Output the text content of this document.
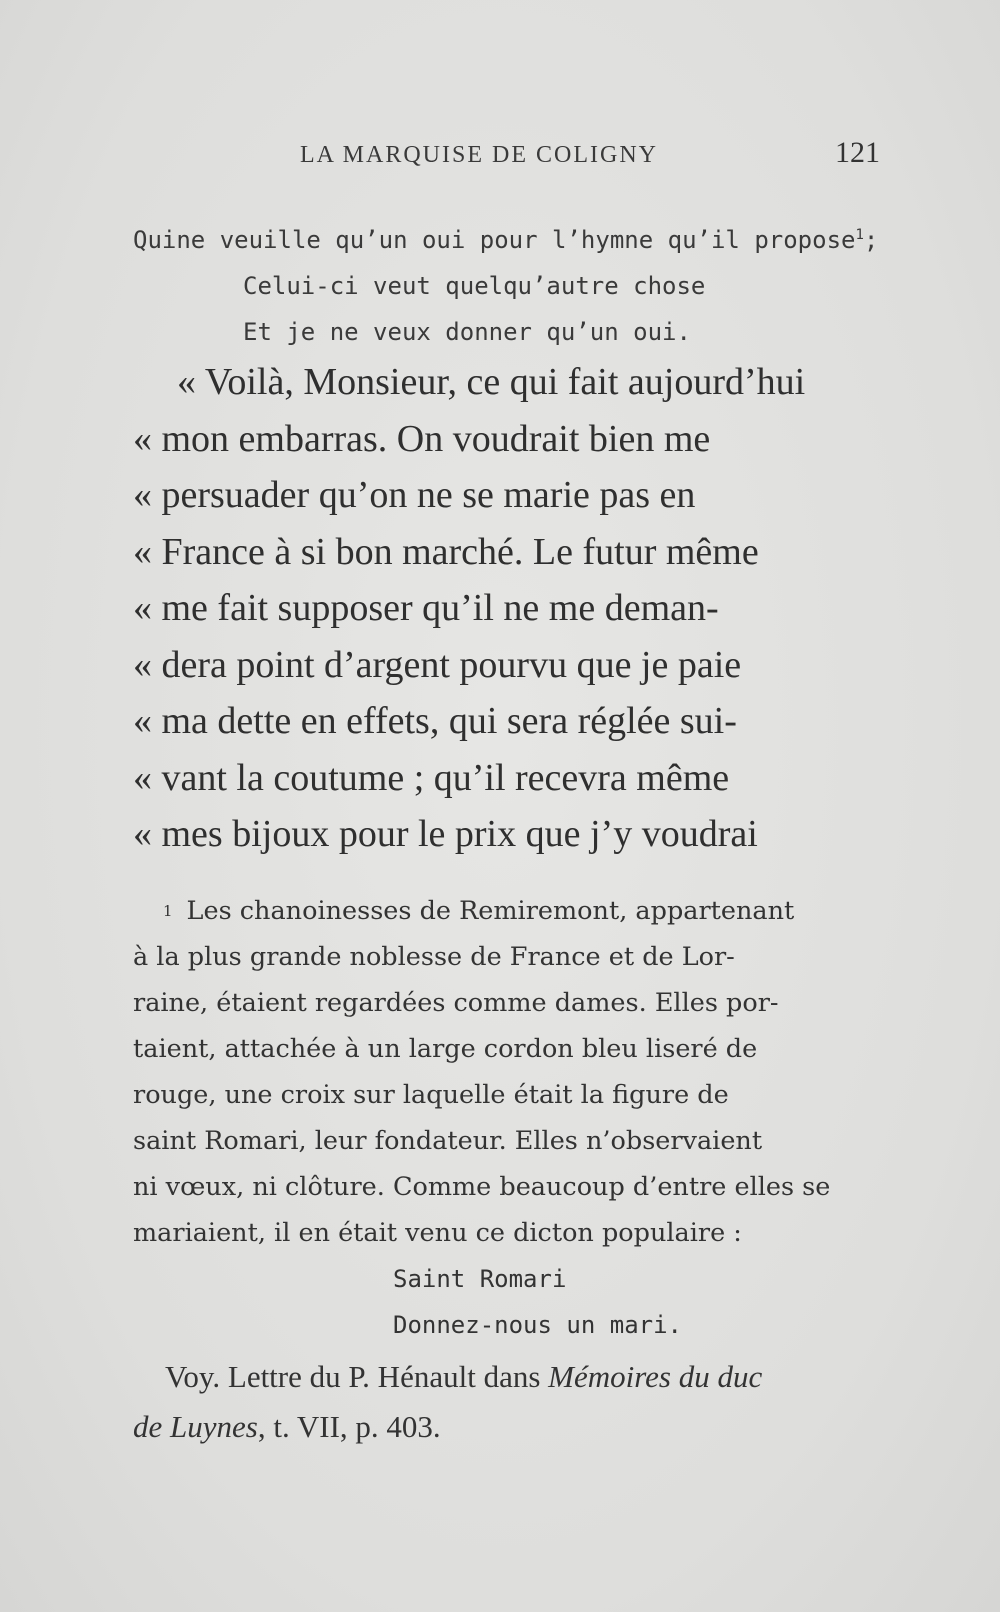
LA MARQUISE DE COLIGNY	121
Quine veuille qu’un oui pour l’hymne qu’il propose$^1$;
Celui-ci veut quelqu’autre chose
Et je ne veux donner qu’un oui.
« Voilà, Monsieur, ce qui fait aujourd’hui
« mon embarras. On voudrait bien me
« persuader qu’on ne se marie pas en
« France à si bon marché. Le futur même
« me fait supposer qu’il ne me deman-
« dera point d’argent pourvu que je paie
« ma dette en effets, qui sera réglée sui-
« vant la coutume ; qu’il recevra même
« mes bijoux pour le prix que j’y voudrai
1 Les chanoinesses de Remiremont, appartenant
à la plus grande noblesse de France et de Lor-
raine, étaient regardées comme dames. Elles por-
taient, attachée à un large cordon bleu liseré de
rouge, une croix sur laquelle était la figure de
saint Romari, leur fondateur. Elles n’observaient
ni vœux, ni clôture. Comme beaucoup d’entre elles se
mariaient, il en était venu ce dicton populaire :
Saint Romari
Donnez-nous un mari.
Voy. Lettre du P. Hénault dans Mémoires du duc
de Luynes, t. VII, p. 403.
